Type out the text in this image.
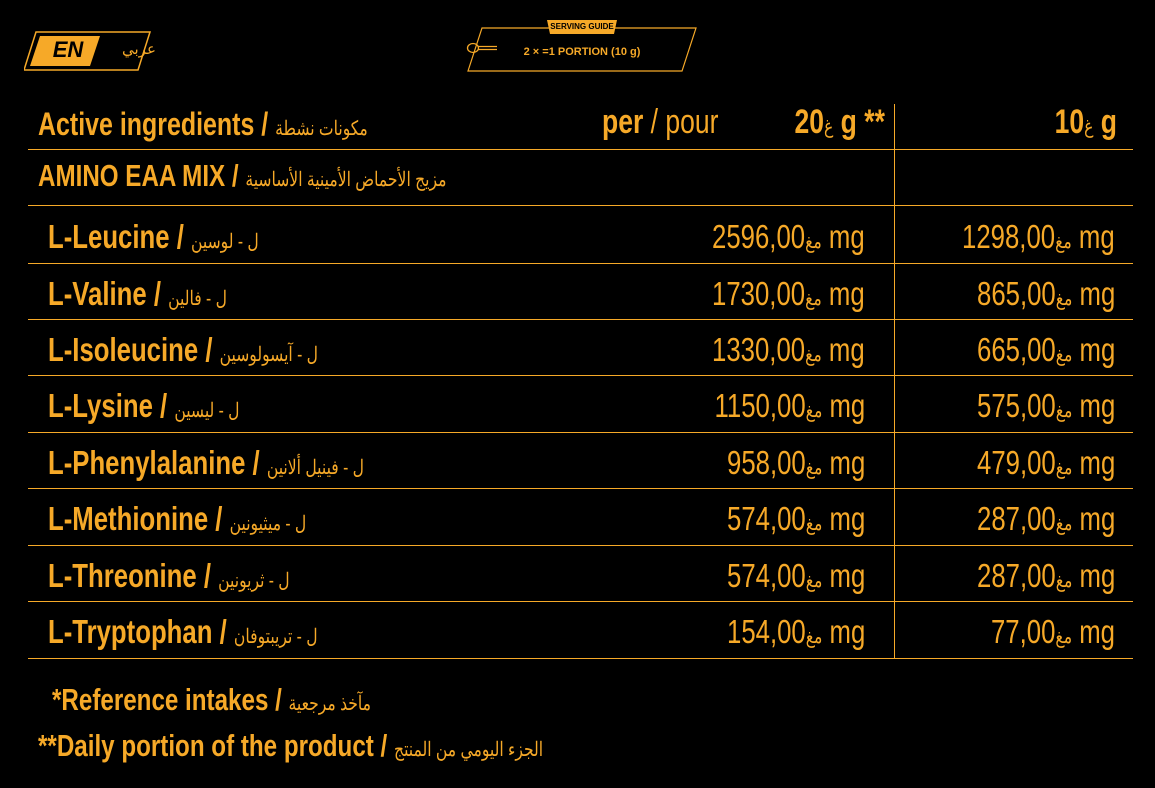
EN	عربي
SERVING GUIDE
2 × =1 PORTION (10 g)
Active ingredients / مكونات نشطة	per / pour	غ20 g **	غ10 g
AMINO EAA MIX / مزيج الأحماض الأمينية الأساسية
L-Leucine / ل - لوسين	مغ2596,00 mg	مغ1298,00 mg
L-Valine / ل - فالين	مغ1730,00 mg	مغ865,00 mg
L-Isoleucine / ل - آيسولوسين	مغ1330,00 mg	مغ665,00 mg
L-Lysine / ل - ليسين	مغ1150,00 mg	مغ575,00 mg
L-Phenylalanine / ل - فينيل ألانين	مغ958,00 mg	مغ479,00 mg
L-Methionine / ل - ميثيونين	مغ574,00 mg	مغ287,00 mg
L-Threonine / ل - ثريونين	مغ574,00 mg	مغ287,00 mg
L-Tryptophan / ل - تريبتوفان	مغ154,00 mg	مغ77,00 mg
*Reference intakes / مآخذ مرجعية
**Daily portion of the product / الجزء اليومي من المنتج
